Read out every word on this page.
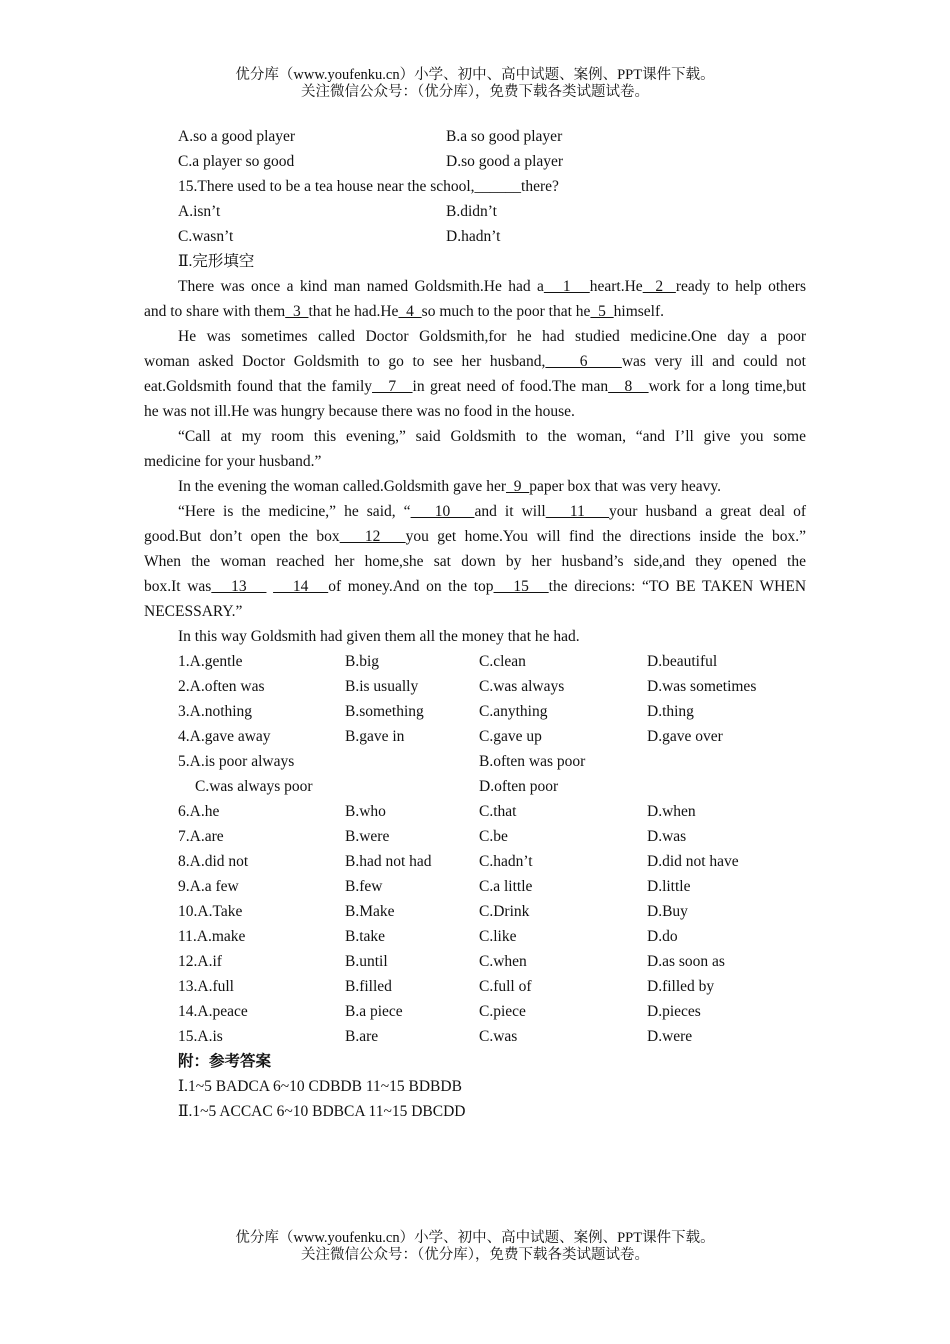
优分库（www.youfenku.cn）小学、初中、高中试题、案例、PPT课件下载。
关注微信公众号：（优分库），免费下载各类试题试卷。
A.so a good player	B.a so good player
C.a player so good	D.so good a player
15.There used to be a tea house near the school,______there?
A.isn’t	B.didn’t
C.wasn’t	D.hadn’t
Ⅱ.完形填空
There was once a kind man named Goldsmith.He had a   1   heart.He  2  ready to help others
and to share with them  3  that he had.He  4  so much to the poor that he  5  himself.
He was sometimes called Doctor Goldsmith,for he had studied medicine.One day a poor
woman asked Doctor Goldsmith to go to see her husband,    6    was very ill and could not
eat.Goldsmith found that the family   7   in great need of food.The man   8   work for a long time,but
he was not ill.He was hungry because there was no food in the house.
“Call at my room this evening,” said Goldsmith to the woman, “and I’ll give you some
medicine for your husband.”
In the evening the woman called.Goldsmith gave her  9  paper box that was very heavy.
“Here is the medicine,” he said, “   10   and it will   11   your husband a great deal of
good.But don’t open the box   12   you get home.You will find the directions inside the box.”
When the woman reached her home,she sat down by her husband’s side,and they opened the
box.It was   13       14   of money.And on the top   15   the direcions: “TO BE TAKEN WHEN
NECESSARY.”
In this way Goldsmith had given them all the money that he had.
1.A.gentle	B.big	C.clean	D.beautiful
2.A.often was	B.is usually	C.was always	D.was sometimes
3.A.nothing	B.something	C.anything	D.thing
4.A.gave away	B.gave in	C.gave up	D.gave over
5.A.is poor always	B.often was poor
C.was always poor	D.often poor
6.A.he	B.who	C.that	D.when
7.A.are	B.were	C.be	D.was
8.A.did not	B.had not had	C.hadn’t	D.did not have
9.A.a few	B.few	C.a little	D.little
10.A.Take	B.Make	C.Drink	D.Buy
11.A.make	B.take	C.like	D.do
12.A.if	B.until	C.when	D.as soon as
13.A.full	B.filled	C.full of	D.filled by
14.A.peace	B.a piece	C.piece	D.pieces
15.A.is	B.are	C.was	D.were
附：参考答案
Ⅰ.1~5 BADCA 6~10 CDBDB 11~15 BDBDB
Ⅱ.1~5 ACCAC 6~10 BDBCA 11~15 DBCDD
优分库（www.youfenku.cn）小学、初中、高中试题、案例、PPT课件下载。
关注微信公众号：（优分库），免费下载各类试题试卷。
